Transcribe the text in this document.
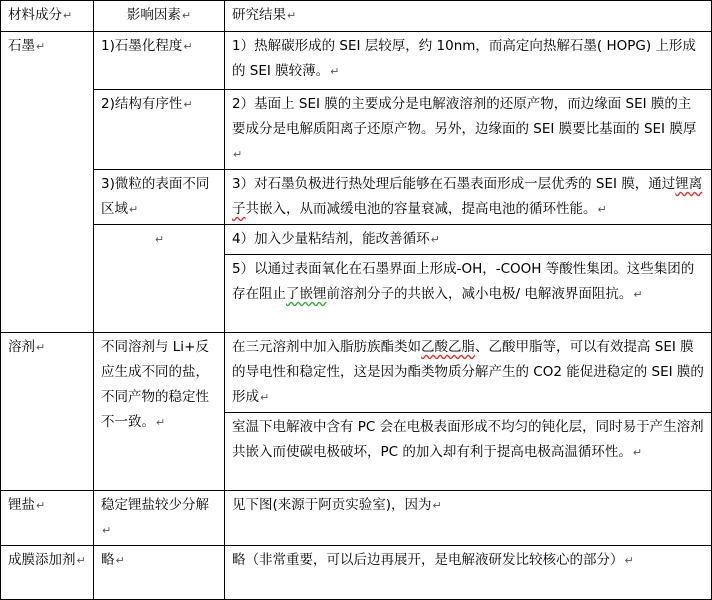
材料成分 ↵	影响因素 ↵	研究结果 ↵
石墨 ↵	1)石墨化程度 ↵	1）热解碳形成的 SEI 层较厚，约 10nm，而高定向热解石墨( HOPG) 上形成的 SEI 膜较薄。 ↵
	2)结构有序性 ↵	2）基面上 SEI 膜的主要成分是电解液溶剂的还原产物，而边缘面 SEI 膜的主要成分是电解质阳离子还原产物。另外，边缘面的 SEI 膜要比基面的 SEI 膜厚 ↵
	3)微粒的表面不同区域 ↵	3）对石墨负极进行热处理后能够在石墨表面形成一层优秀的 SEI 膜，通过锂离子共嵌入，从而减缓电池的容量衰减，提高电池的循环性能。 ↵
↵	4）加入少量粘结剂，能改善循环 ↵
		5）以通过表面氧化在石墨界面上形成-OH，-COOH 等酸性集团。这些集团的存在阻止了嵌锂前溶剂分子的共嵌入，减小电极/ 电解液界面阻抗。 ↵
溶剂 ↵	不同溶剂与 Li+反应生成不同的盐，不同产物的稳定性不一致。 ↵	在三元溶剂中加入脂肪族酯类如乙酸乙脂、乙酸甲脂等，可以有效提高 SEI 膜的导电性和稳定性，这是因为酯类物质分解产生的 CO2 能促进稳定的 SEI 膜的形成 ↵
		室温下电解液中含有 PC 会在电极表面形成不均匀的钝化层，同时易于产生溶剂共嵌入而使碳电极破坏，PC 的加入却有利于提高电极高温循环性。 ↵
锂盐 ↵	稳定锂盐较少分解 ↵	见下图(来源于阿贡实验室)，因为 ↵
成膜添加剂 ↵	略 ↵	略（非常重要，可以后边再展开，是电解液研发比较核心的部分） ↵
